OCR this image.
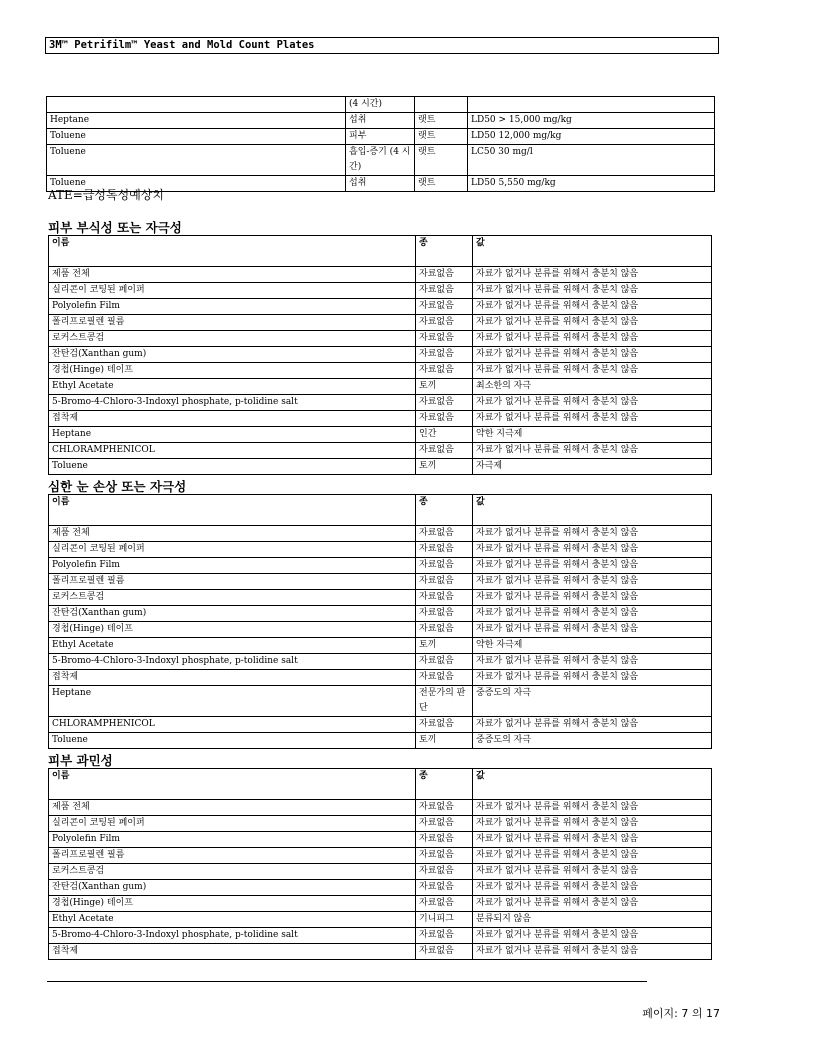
3M™ Petrifilm™ Yeast and Mold Count Plates
	(4 시간)		
Heptane	섭취	랫트	LD50 > 15,000 mg/kg
Toluene	피부	랫트	LD50 12,000 mg/kg
Toluene	흡입-증기 (4 시간)	랫트	LC50 30 mg/l
Toluene	섭취	랫트	LD50 5,550 mg/kg
ATE=급성독성예상치
피부 부식성 또는 자극성
이름	종	값
제품 전체	자료없음	자료가 없거나 분류를 위해서 충분치 않음
실리콘이 코팅된 페이퍼	자료없음	자료가 없거나 분류를 위해서 충분치 않음
Polyolefin Film	자료없음	자료가 없거나 분류를 위해서 충분치 않음
폴리프로필렌 필름	자료없음	자료가 없거나 분류를 위해서 충분치 않음
로커스트콩검	자료없음	자료가 없거나 분류를 위해서 충분치 않음
잔탄검(Xanthan gum)	자료없음	자료가 없거나 분류를 위해서 충분치 않음
경첩(Hinge) 테이프	자료없음	자료가 없거나 분류를 위해서 충분치 않음
Ethyl Acetate	토끼	최소한의 자극
5-Bromo-4-Chloro-3-Indoxyl phosphate, p-tolidine salt	자료없음	자료가 없거나 분류를 위해서 충분치 않음
접착제	자료없음	자료가 없거나 분류를 위해서 충분치 않음
Heptane	인간	약한 지극제
CHLORAMPHENICOL	자료없음	자료가 없거나 분류를 위해서 충분치 않음
Toluene	토끼	자극제
심한 눈 손상 또는 자극성
이름	종	값
제품 전체	자료없음	자료가 없거나 분류를 위해서 충분치 않음
실리콘이 코팅된 페이퍼	자료없음	자료가 없거나 분류를 위해서 충분치 않음
Polyolefin Film	자료없음	자료가 없거나 분류를 위해서 충분치 않음
폴리프로필렌 필름	자료없음	자료가 없거나 분류를 위해서 충분치 않음
로커스트콩검	자료없음	자료가 없거나 분류를 위해서 충분치 않음
잔탄검(Xanthan gum)	자료없음	자료가 없거나 분류를 위해서 충분치 않음
경첩(Hinge) 테이프	자료없음	자료가 없거나 분류를 위해서 충분치 않음
Ethyl Acetate	토끼	약한 자극제
5-Bromo-4-Chloro-3-Indoxyl phosphate, p-tolidine salt	자료없음	자료가 없거나 분류를 위해서 충분치 않음
접착제	자료없음	자료가 없거나 분류를 위해서 충분치 않음
Heptane	전문가의 판단	중증도의 자극
CHLORAMPHENICOL	자료없음	자료가 없거나 분류를 위해서 충분치 않음
Toluene	토끼	중증도의 자극
피부 과민성
이름	종	값
제품 전체	자료없음	자료가 없거나 분류를 위해서 충분치 않음
실리콘이 코팅된 페이퍼	자료없음	자료가 없거나 분류를 위해서 충분치 않음
Polyolefin Film	자료없음	자료가 없거나 분류를 위해서 충분치 않음
폴리프로필렌 필름	자료없음	자료가 없거나 분류를 위해서 충분치 않음
로커스트콩검	자료없음	자료가 없거나 분류를 위해서 충분치 않음
잔탄검(Xanthan gum)	자료없음	자료가 없거나 분류를 위해서 충분치 않음
경첩(Hinge) 테이프	자료없음	자료가 없거나 분류를 위해서 충분치 않음
Ethyl Acetate	기니피그	분류되지 않음
5-Bromo-4-Chloro-3-Indoxyl phosphate, p-tolidine salt	자료없음	자료가 없거나 분류를 위해서 충분치 않음
접착제	자료없음	자료가 없거나 분류를 위해서 충분치 않음
페이지: 7 의 17
